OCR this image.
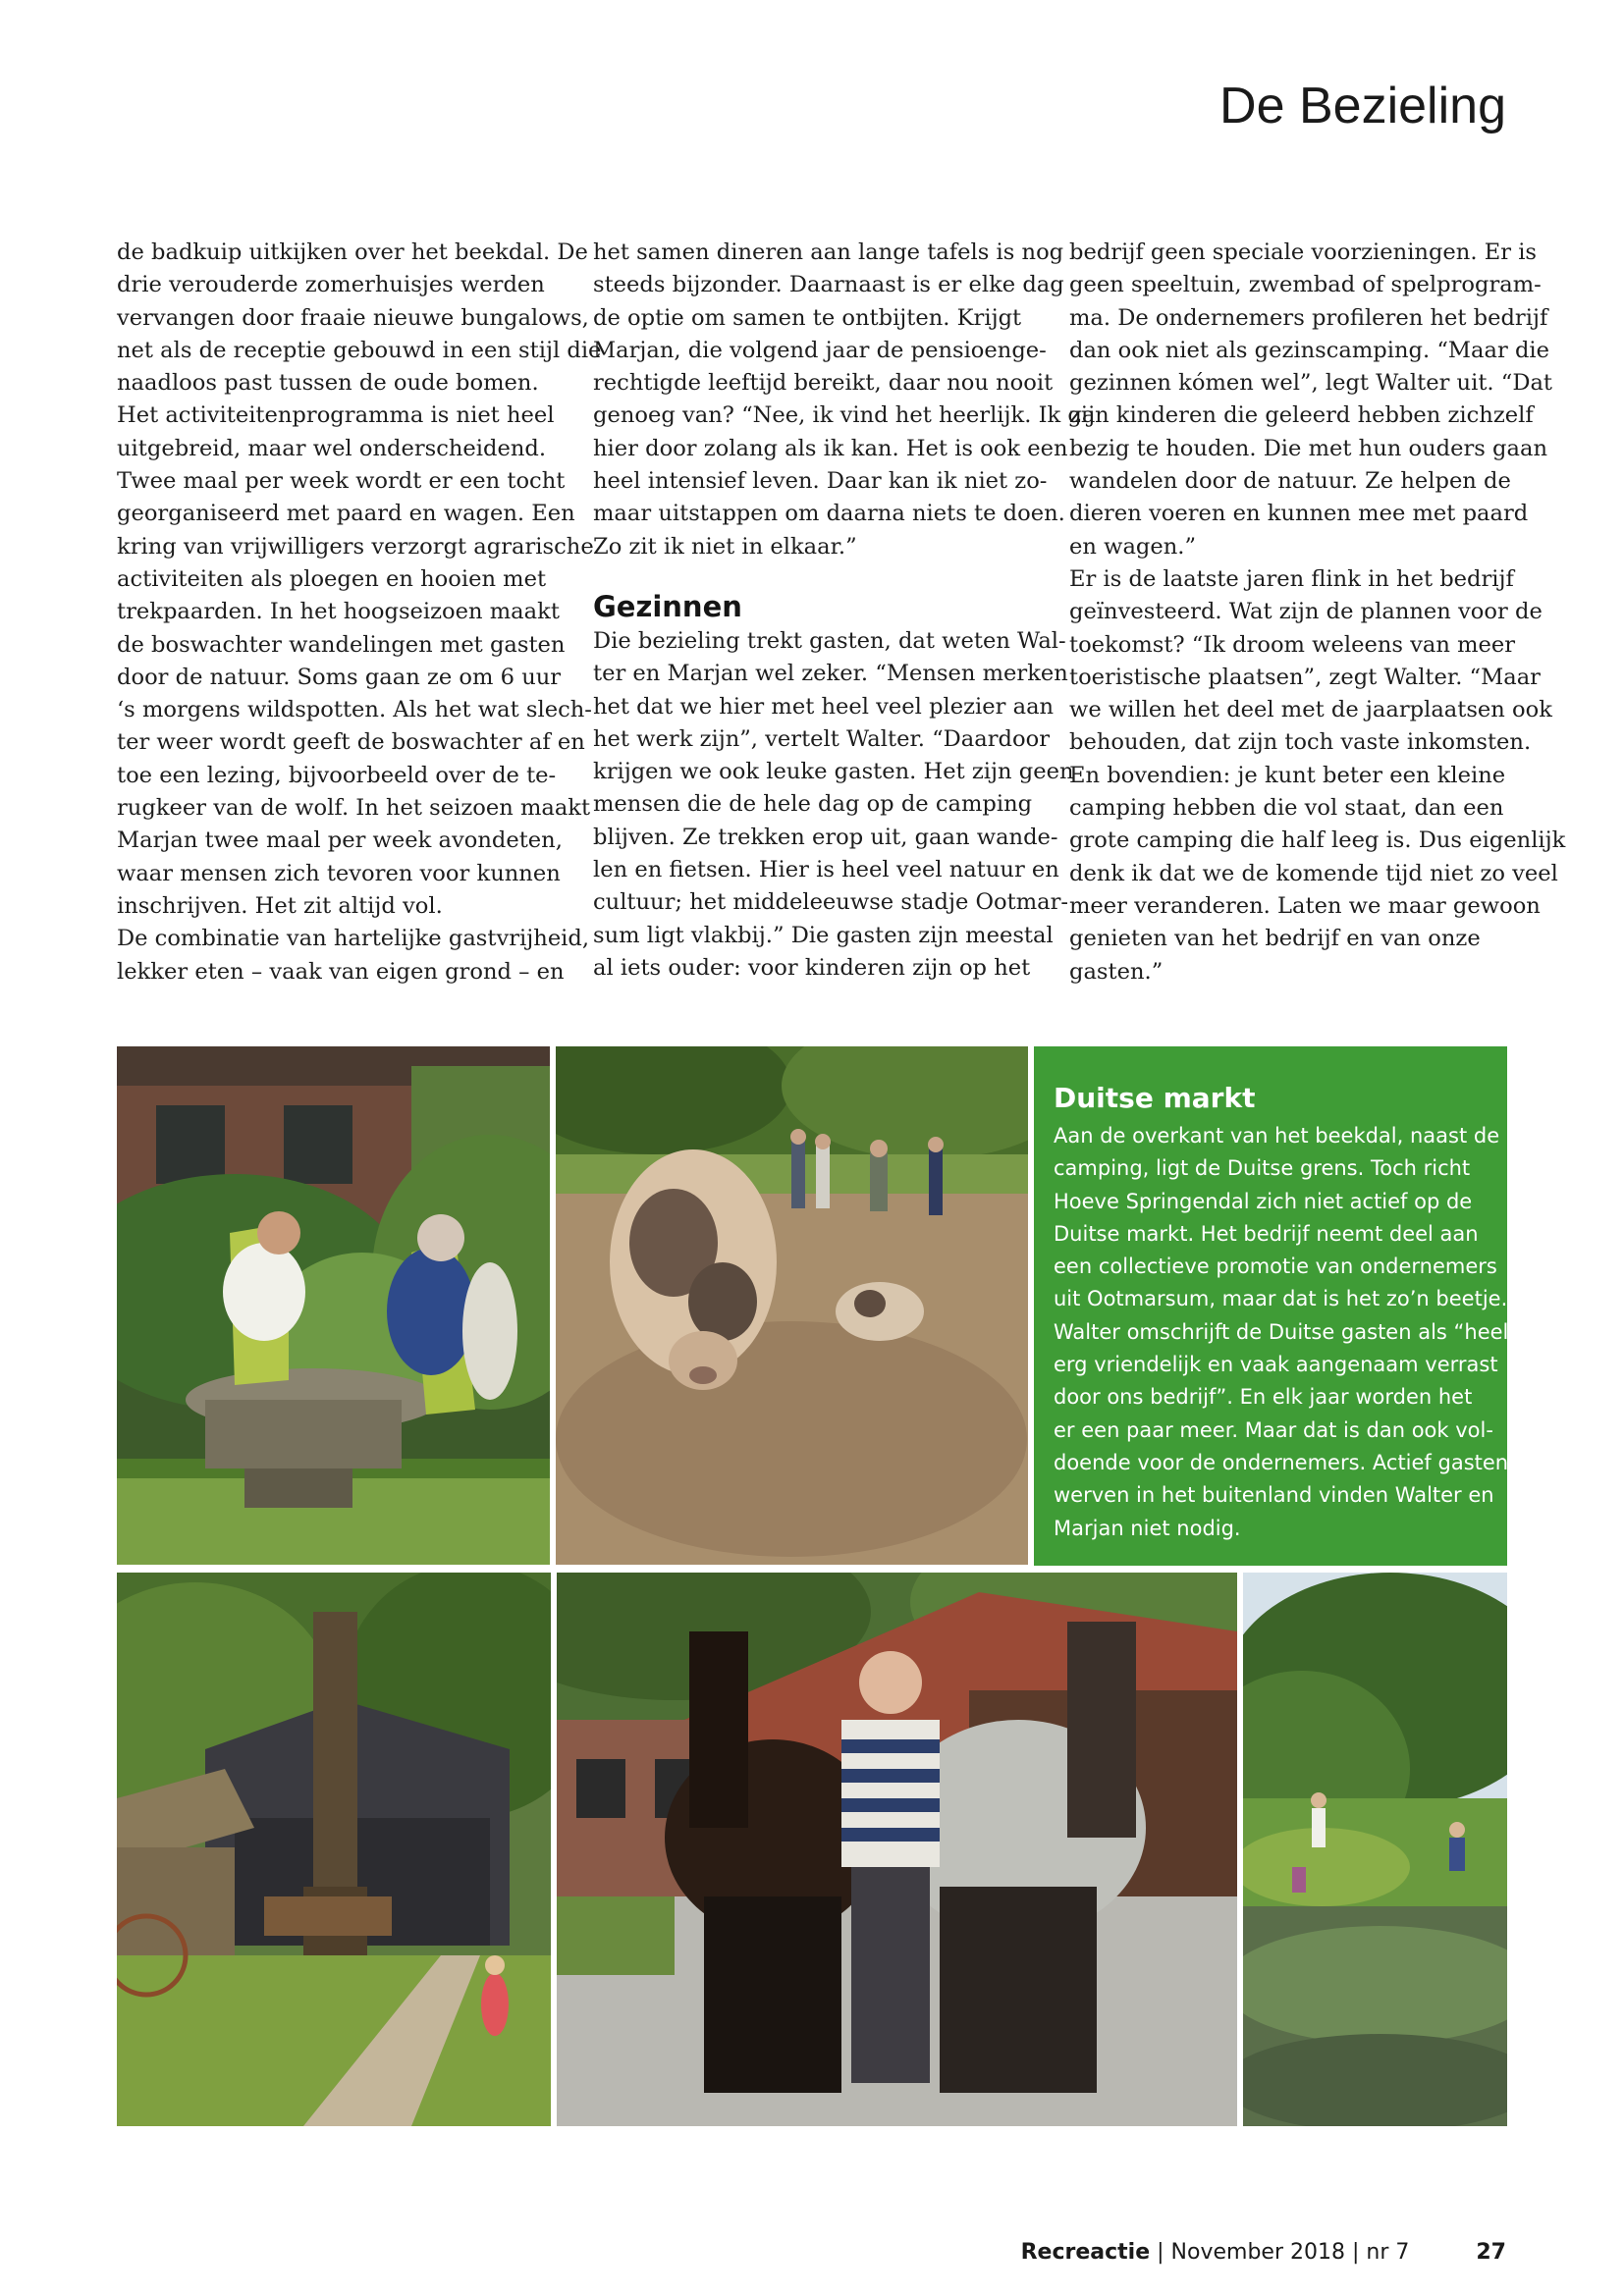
De Bezieling
de badkuip uitkijken over het beekdal. De
drie verouderde zomerhuisjes werden
vervangen door fraaie nieuwe bungalows,
net als de receptie gebouwd in een stijl die
naadloos past tussen de oude bomen.
Het activiteitenprogramma is niet heel
uitgebreid, maar wel onderscheidend.
Twee maal per week wordt er een tocht
georganiseerd met paard en wagen. Een
kring van vrijwilligers verzorgt agrarische
activiteiten als ploegen en hooien met
trekpaarden. In het hoogseizoen maakt
de boswachter wandelingen met gasten
door de natuur. Soms gaan ze om 6 uur
‘s morgens wildspotten. Als het wat slech-
ter weer wordt geeft de boswachter af en
toe een lezing, bijvoorbeeld over de te-
rugkeer van de wolf. In het seizoen maakt
Marjan twee maal per week avondeten,
waar mensen zich tevoren voor kunnen
inschrijven. Het zit altijd vol.
De combinatie van hartelijke gastvrijheid,
lekker eten – vaak van eigen grond – en
het samen dineren aan lange tafels is nog
steeds bijzonder. Daarnaast is er elke dag
de optie om samen te ontbijten. Krijgt
Marjan, die volgend jaar de pensioenge-
rechtigde leeftijd bereikt, daar nou nooit
genoeg van? “Nee, ik vind het heerlijk. Ik ga
hier door zolang als ik kan. Het is ook een
heel intensief leven. Daar kan ik niet zo-
maar uitstappen om daarna niets te doen.
Zo zit ik niet in elkaar.”
Gezinnen
Die bezieling trekt gasten, dat weten Wal-
ter en Marjan wel zeker. “Mensen merken
het dat we hier met heel veel plezier aan
het werk zijn”, vertelt Walter. “Daardoor
krijgen we ook leuke gasten. Het zijn geen
mensen die de hele dag op de camping
blijven. Ze trekken erop uit, gaan wande-
len en fietsen. Hier is heel veel natuur en
cultuur; het middeleeuwse stadje Ootmar-
sum ligt vlakbij.” Die gasten zijn meestal
al iets ouder: voor kinderen zijn op het
bedrijf geen speciale voorzieningen. Er is
geen speeltuin, zwembad of spelprogram-
ma. De ondernemers profileren het bedrijf
dan ook niet als gezinscamping. “Maar die
gezinnen kómen wel”, legt Walter uit. “Dat
zijn kinderen die geleerd hebben zichzelf
bezig te houden. Die met hun ouders gaan
wandelen door de natuur. Ze helpen de
dieren voeren en kunnen mee met paard
en wagen.”
Er is de laatste jaren flink in het bedrijf
geïnvesteerd. Wat zijn de plannen voor de
toekomst? “Ik droom weleens van meer
toeristische plaatsen”, zegt Walter. “Maar
we willen het deel met de jaarplaatsen ook
behouden, dat zijn toch vaste inkomsten.
En bovendien: je kunt beter een kleine
camping hebben die vol staat, dan een
grote camping die half leeg is. Dus eigenlijk
denk ik dat we de komende tijd niet zo veel
meer veranderen. Laten we maar gewoon
genieten van het bedrijf en van onze
gasten.”
Duitse markt
Aan de overkant van het beekdal, naast de
camping, ligt de Duitse grens. Toch richt
Hoeve Springendal zich niet actief op de
Duitse markt. Het bedrijf neemt deel aan
een collectieve promotie van ondernemers
uit Ootmarsum, maar dat is het zo’n beetje.
Walter omschrijft de Duitse gasten als “heel
erg vriendelijk en vaak aangenaam verrast
door ons bedrijf”. En elk jaar worden het
er een paar meer. Maar dat is dan ook vol-
doende voor de ondernemers. Actief gasten
werven in het buitenland vinden Walter en
Marjan niet nodig.
Recreactie | November 2018 | nr 7	27
